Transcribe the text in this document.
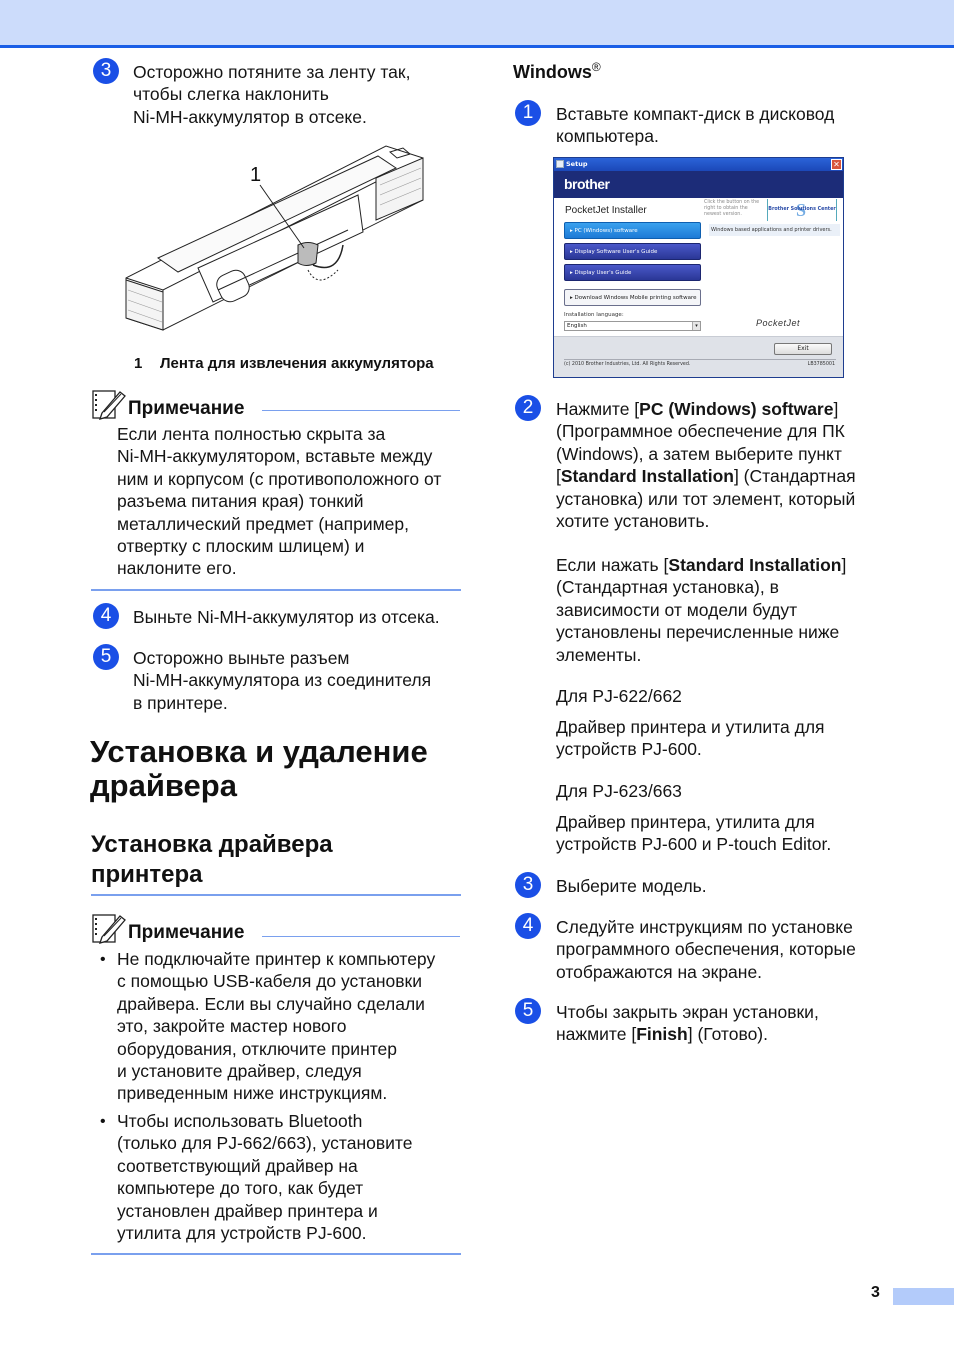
3	Осторожно потяните за ленту так,
чтобы слегка наклонить
Ni-MH-аккумулятор в отсеке.
1
1 Лента для извлечения аккумулятора
Примечание
Если лента полностью скрыта за
Ni-MH-аккумулятором, вставьте между
ним и корпусом (с противоположного от
разъема питания края) тонкий
металлический предмет (например,
отвертку с плоским шлицем) и
наклоните его.
4	Выньте Ni-MH-аккумулятор из отсека.
5	Осторожно выньте разъем
Ni-MH-аккумулятора из соединителя
в принтере.
Установка и удаление
драйвера
Установка драйвера
принтера
Примечание
• Не подключайте принтер к компьютеру
с помощью USB-кабеля до установки
драйвера. Если вы случайно сделали
это, закройте мастер нового
оборудования, отключите принтер
и установите драйвер, следуя
приведенным ниже инструкциям.
• Чтобы использовать Bluetooth
(только для PJ-662/663), установите
соответствующий драйвер на
компьютере до того, как будет
установлен драйвер принтера и
утилита для устройств PJ-600.
Windows®
1	Вставьте компакт-диск в дисковод
компьютера.
Setup	✕
brother
PocketJet Installer
▸ PC (Windows) software
▸ Display Software User's Guide
▸ Display User's Guide
▸ Download Windows Mobile printing software
Installation language:
English	▾
Click the button on the right to obtain the newest version.	S
Brother Solutions Center
Windows based applications and printer drivers.
PocketJet
Exit
(c) 2010 Brother Industries, Ltd. All Rights Reserved.	LB3785001
2	Нажмите [PC (Windows) software]
(Программное обеспечение для ПК
(Windows), а затем выберите пункт
[Standard Installation] (Стандартная
установка) или тот элемент, который
хотите установить.
Если нажать [Standard Installation]
(Стандартная установка), в
зависимости от модели будут
установлены перечисленные ниже
элементы.
Для PJ-622/662
Драйвер принтера и утилита для
устройств PJ-600.
Для PJ-623/663
Драйвер принтера, утилита для
устройств PJ-600 и P-touch Editor.
3	Выберите модель.
4	Следуйте инструкциям по установке
программного обеспечения, которые
отображаются на экране.
5	Чтобы закрыть экран установки,
нажмите [Finish] (Готово).
3
